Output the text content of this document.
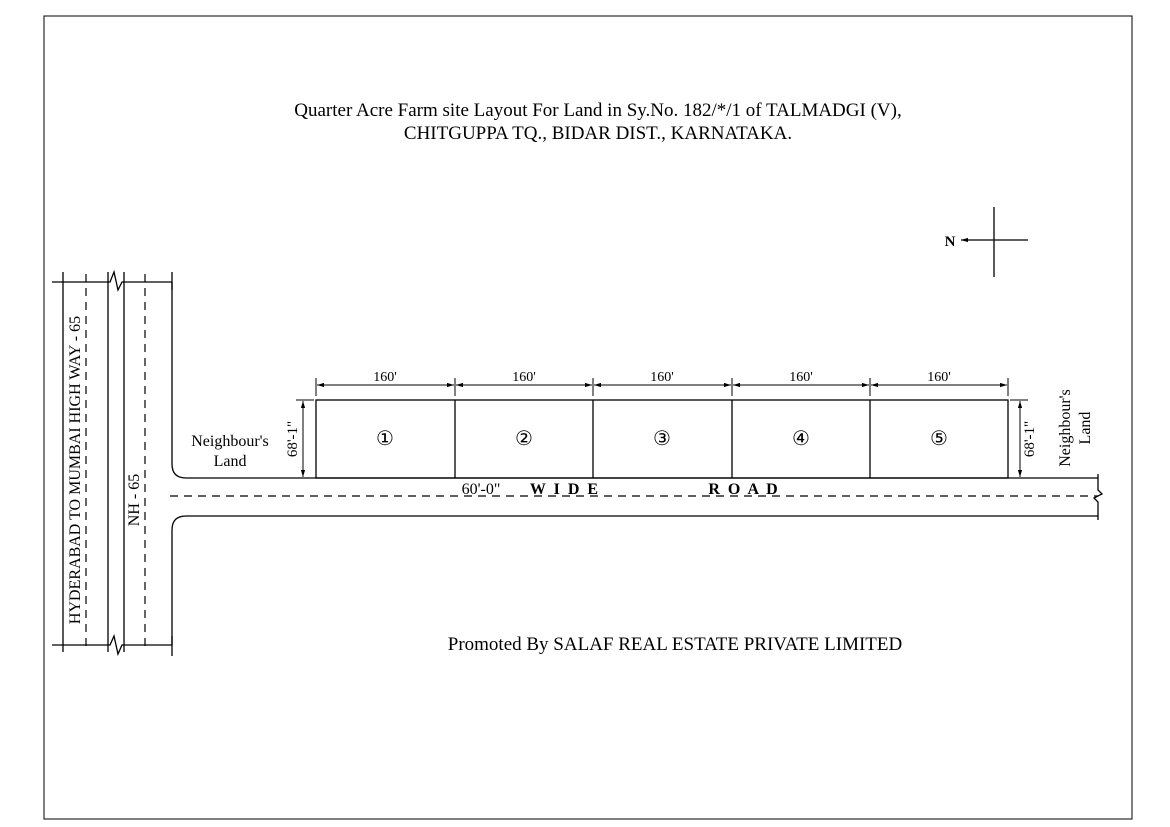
Quarter Acre Farm site Layout For Land in Sy.No. 182/*/1 of TALMADGI (V),
CHITGUPPA TQ., BIDAR DIST., KARNATAKA.
N
HYDERABAD TO MUMBAI HIGH WAY - 65	NH - 65	60'-0" W  I  D  E	R  O  A  D
Neighbour's
Land	Neighbour's Land
①	②	③	④	⑤
160'	160'	160'	160'	160'
68'-1"	68'-1"
Promoted By SALAF REAL ESTATE PRIVATE LIMITED
